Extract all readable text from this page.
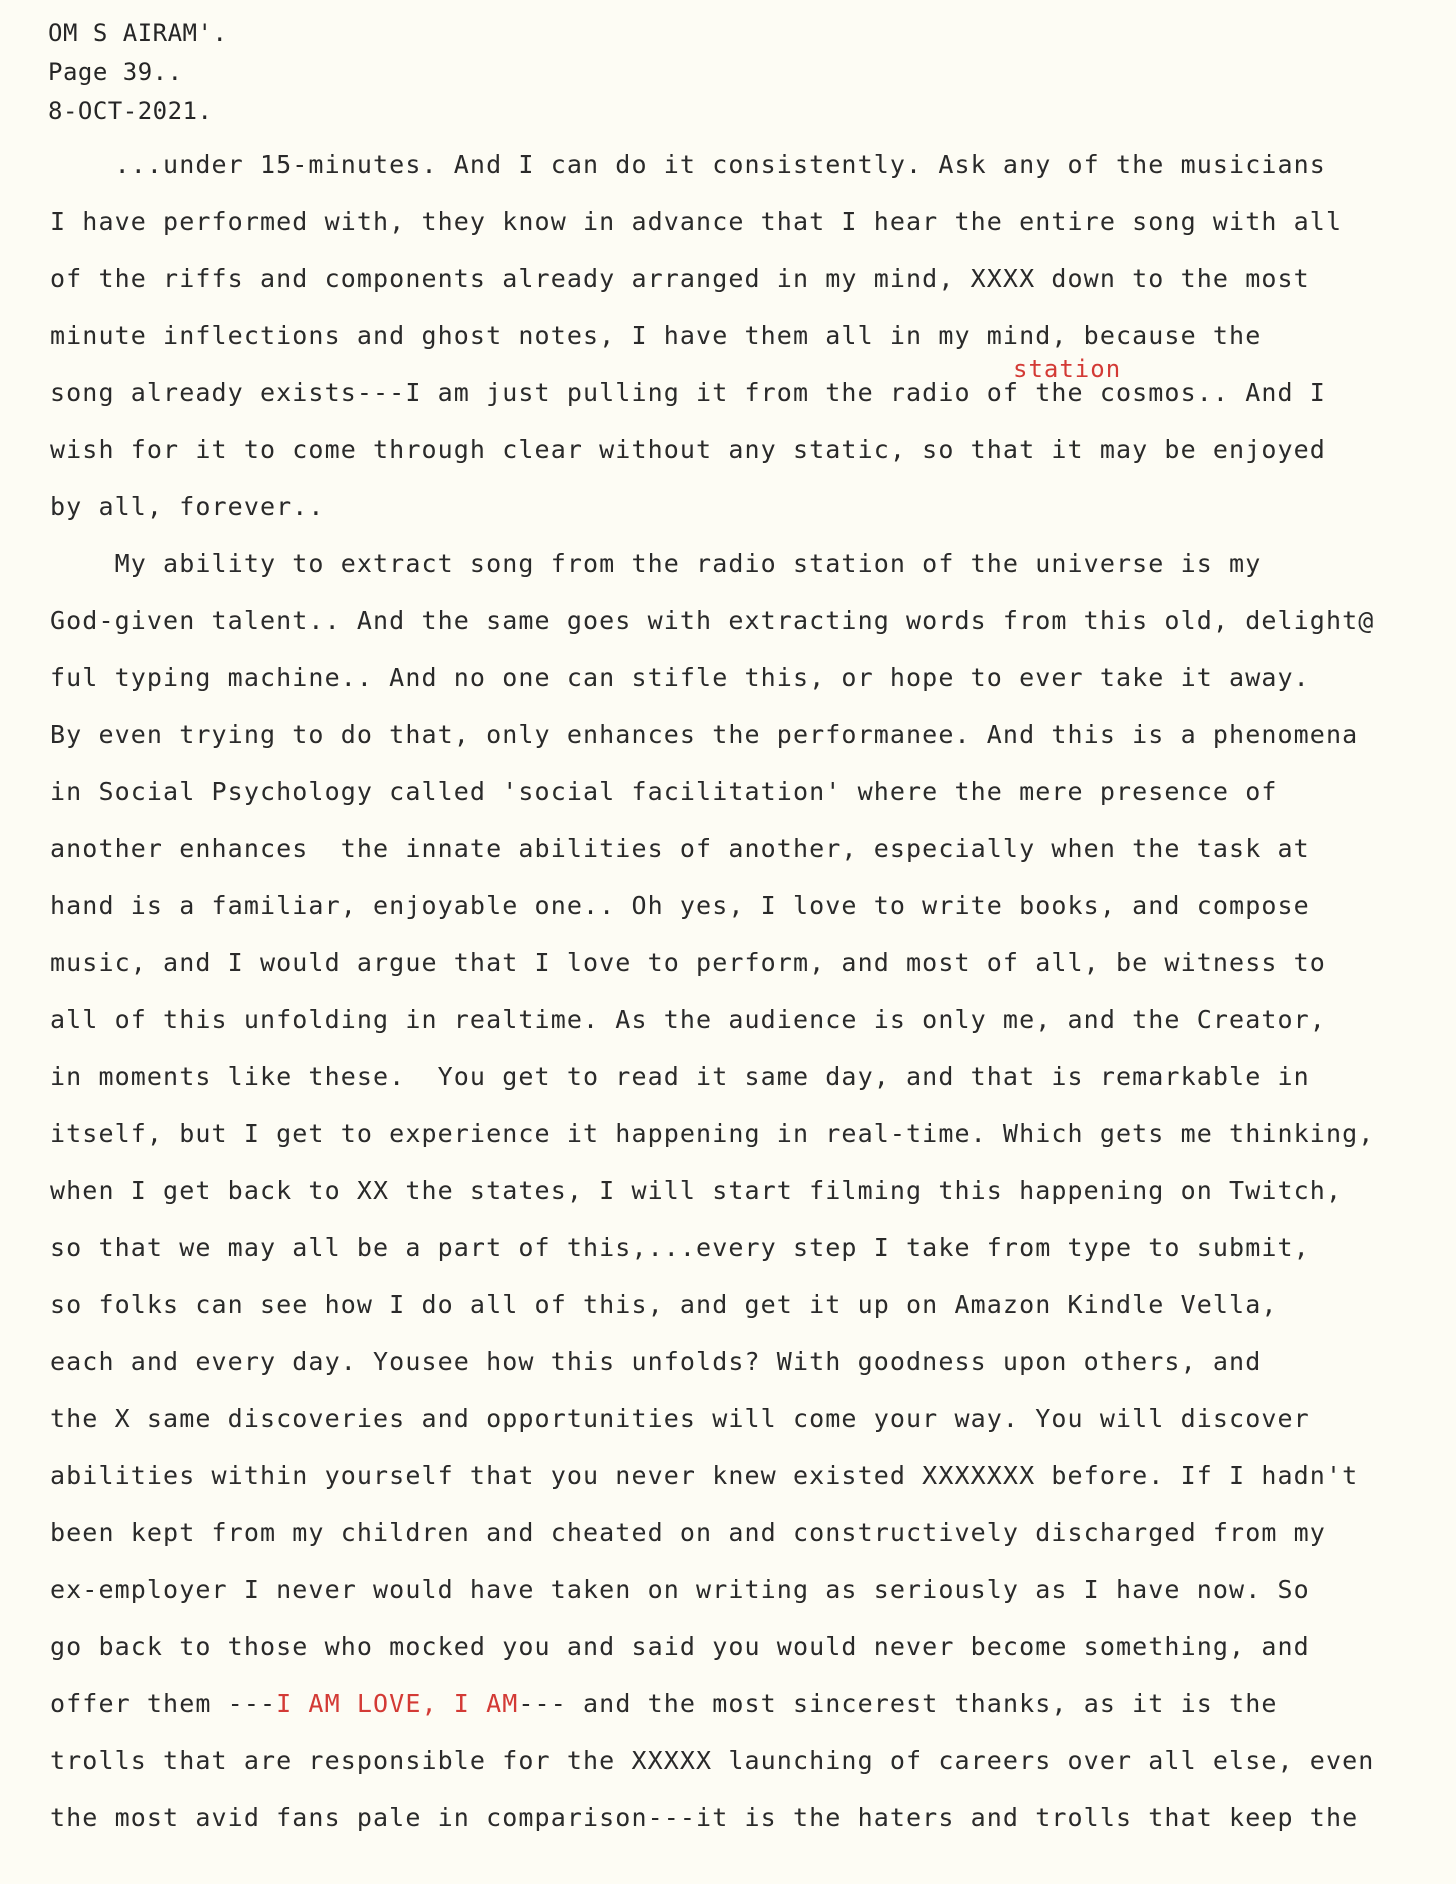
OM S AIRAM'.
Page 39..
8-OCT-2021.
station
...under 15-minutes. And I can do it consistently. Ask any of the musicians
I have performed with, they know in advance that I hear the entire song with all
of the riffs and components already arranged in my mind, XXXX down to the most
minute inflections and ghost notes, I have them all in my mind, because the
song already exists---I am just pulling it from the radio of the cosmos.. And I
wish for it to come through clear without any static, so that it may be enjoyed
by all, forever..
My ability to extract song from the radio station of the universe is my
God-given talent.. And the same goes with extracting words from this old, delight@
ful typing machine.. And no one can stifle this, or hope to ever take it away.
By even trying to do that, only enhances the performanee. And this is a phenomena
in Social Psychology called 'social facilitation' where the mere presence of
another enhances  the innate abilities of another, especially when the task at
hand is a familiar, enjoyable one.. Oh yes, I love to write books, and compose
music, and I would argue that I love to perform, and most of all, be witness to
all of this unfolding in realtime. As the audience is only me, and the Creator,
in moments like these.  You get to read it same day, and that is remarkable in
itself, but I get to experience it happening in real-time. Which gets me thinking,
when I get back to XX the states, I will start filming this happening on Twitch,
so that we may all be a part of this,...every step I take from type to submit,
so folks can see how I do all of this, and get it up on Amazon Kindle Vella,
each and every day. Yousee how this unfolds? With goodness upon others, and
the X same discoveries and opportunities will come your way. You will discover
abilities within yourself that you never knew existed XXXXXXX before. If I hadn't
been kept from my children and cheated on and constructively discharged from my
ex-employer I never would have taken on writing as seriously as I have now. So
go back to those who mocked you and said you would never become something, and
offer them ---I AM LOVE, I AM--- and the most sincerest thanks, as it is the
trolls that are responsible for the XXXXX launching of careers over all else, even
the most avid fans pale in comparison---it is the haters and trolls that keep the
